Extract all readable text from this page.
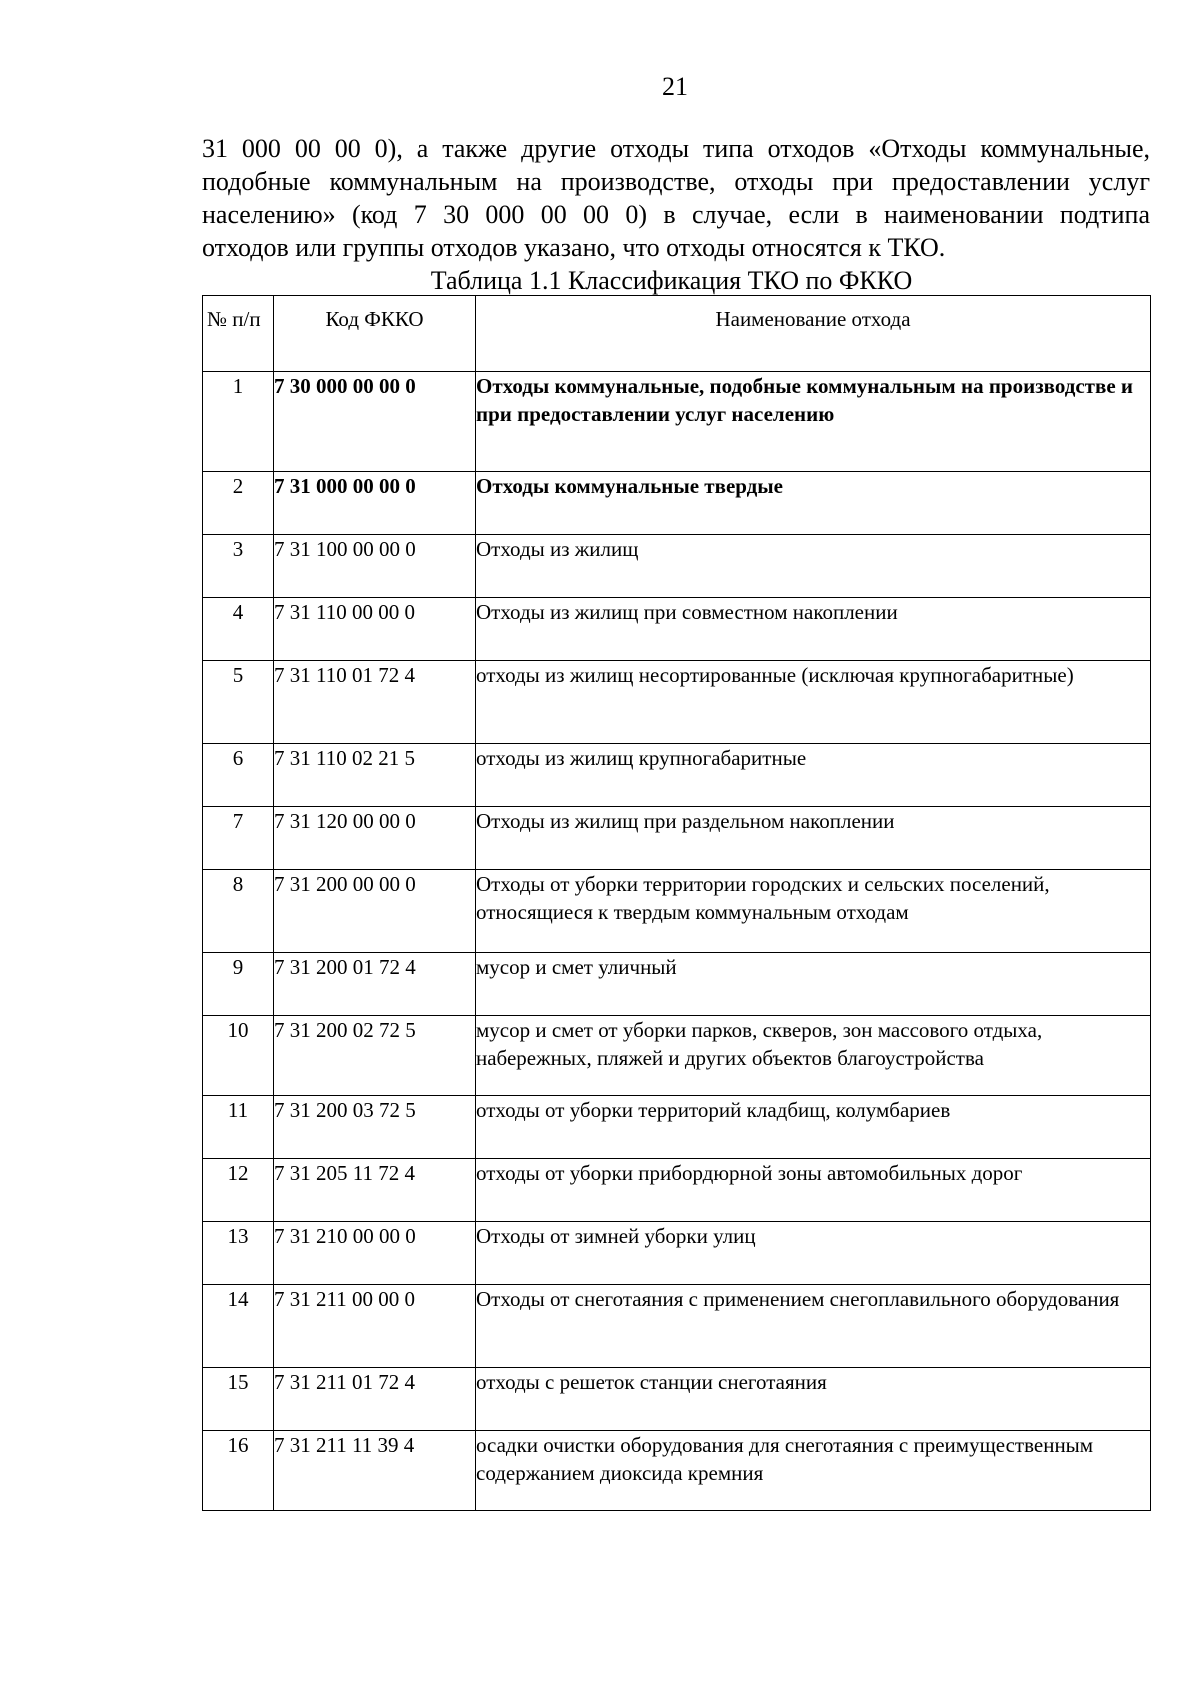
21

31 000 00 00 0), а также другие отходы типа отходов «Отходы коммунальные,
подобные коммунальным на производстве, отходы при предоставлении услуг
населению» (код 7 30 000 00 00 0) в случае, если в наименовании подтипа
отходов или группы отходов указано, что отходы относятся к ТКО.

Таблица 1.1 Классификация ТКО по ФККО
№ п/п	Код ФККО	Наименование отхода
1	7 30 000 00 00 0	Отходы коммунальные, подобные коммунальным на производстве и при предоставлении услуг населению

2	7 31 000 00 00 0	Отходы коммунальные твердые

3	7 31 100 00 00 0	Отходы из жилищ

4	7 31 110 00 00 0	Отходы из жилищ при совместном накоплении

5	7 31 110 01 72 4	отходы из жилищ несортированные (исключая крупногабаритные)

6	7 31 110 02 21 5	отходы из жилищ крупногабаритные

7	7 31 120 00 00 0	Отходы из жилищ при раздельном накоплении

8	7 31 200 00 00 0	Отходы от уборки территории городских и сельских поселений, относящиеся к твердым коммунальным отходам

9	7 31 200 01 72 4	мусор и смет уличный

10	7 31 200 02 72 5	мусор и смет от уборки парков, скверов, зон массового отдыха, набережных, пляжей и других объектов благоустройства

11	7 31 200 03 72 5	отходы от уборки территорий кладбищ, колумбариев

12	7 31 205 11 72 4	отходы от уборки прибордюрной зоны автомобильных дорог

13	7 31 210 00 00 0	Отходы от зимней уборки улиц

14	7 31 211 00 00 0	Отходы от снеготаяния с применением снегоплавильного оборудования

15	7 31 211 01 72 4	отходы с решеток станции снеготаяния

16	7 31 211 11 39 4	осадки очистки оборудования для снеготаяния с преимущественным содержанием диоксида кремния
